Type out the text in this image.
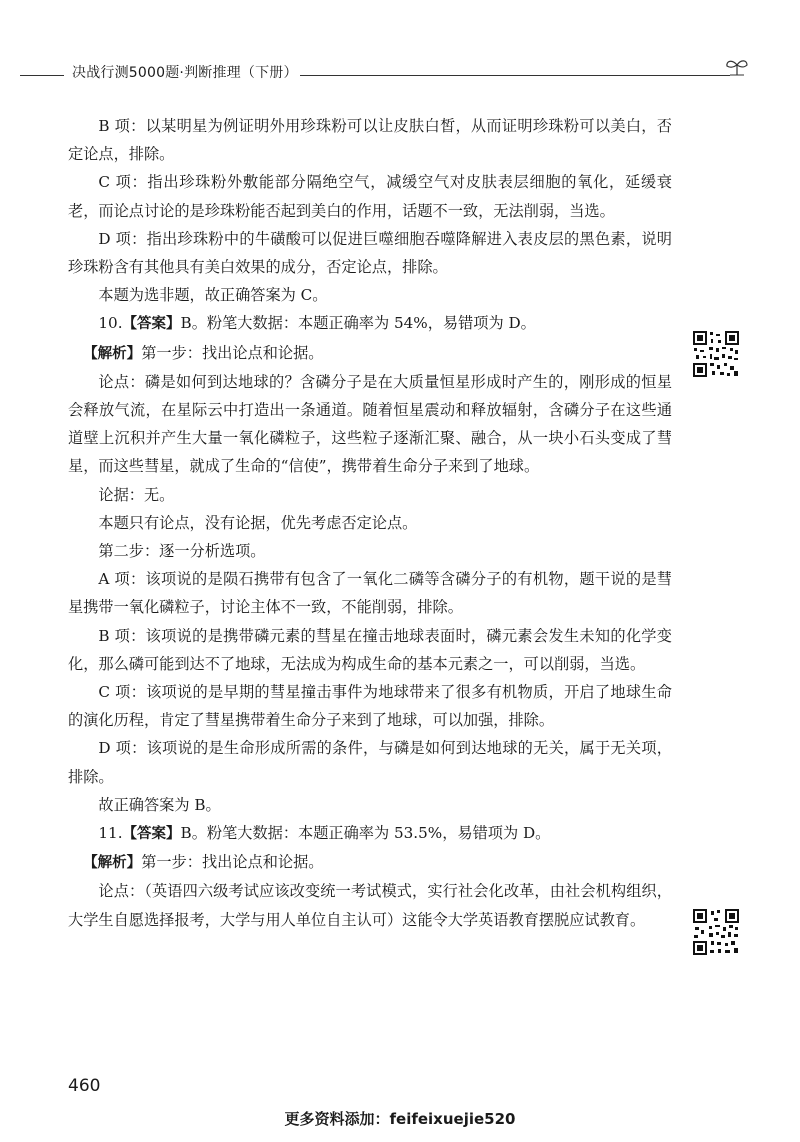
决战行测5000题·判断推理（下册）

B 项：以某明星为例证明外用珍珠粉可以让皮肤白皙，从而证明珍珠粉可以美白，否定论点，排除。

C 项：指出珍珠粉外敷能部分隔绝空气，减缓空气对皮肤表层细胞的氧化，延缓衰老，而论点讨论的是珍珠粉能否起到美白的作用，话题不一致，无法削弱，当选。

D 项：指出珍珠粉中的牛磺酸可以促进巨噬细胞吞噬降解进入表皮层的黑色素，说明珍珠粉含有其他具有美白效果的成分，否定论点，排除。

本题为选非题，故正确答案为 C。

10.【答案】B。粉笔大数据：本题正确率为 54%，易错项为 D。

【解析】第一步：找出论点和论据。

论点：磷是如何到达地球的？含磷分子是在大质量恒星形成时产生的，刚形成的恒星会释放气流，在星际云中打造出一条通道。随着恒星震动和释放辐射，含磷分子在这些通道壁上沉积并产生大量一氧化磷粒子，这些粒子逐渐汇聚、融合，从一块小石头变成了彗星，而这些彗星，就成了生命的“信使”，携带着生命分子来到了地球。

论据：无。

本题只有论点，没有论据，优先考虑否定论点。

第二步：逐一分析选项。

A 项：该项说的是陨石携带有包含了一氧化二磷等含磷分子的有机物，题干说的是彗星携带一氧化磷粒子，讨论主体不一致，不能削弱，排除。

B 项：该项说的是携带磷元素的彗星在撞击地球表面时，磷元素会发生未知的化学变化，那么磷可能到达不了地球，无法成为构成生命的基本元素之一，可以削弱，当选。

C 项：该项说的是早期的彗星撞击事件为地球带来了很多有机物质，开启了地球生命的演化历程，肯定了彗星携带着生命分子来到了地球，可以加强，排除。

D 项：该项说的是生命形成所需的条件，与磷是如何到达地球的无关，属于无关项，排除。

故正确答案为 B。

11.【答案】B。粉笔大数据：本题正确率为 53.5%，易错项为 D。

【解析】第一步：找出论点和论据。

论点：（英语四六级考试应该改变统一考试模式，实行社会化改革，由社会机构组织，大学生自愿选择报考，大学与用人单位自主认可）这能令大学英语教育摆脱应试教育。

460
更多资料添加：feifeixuejie520
